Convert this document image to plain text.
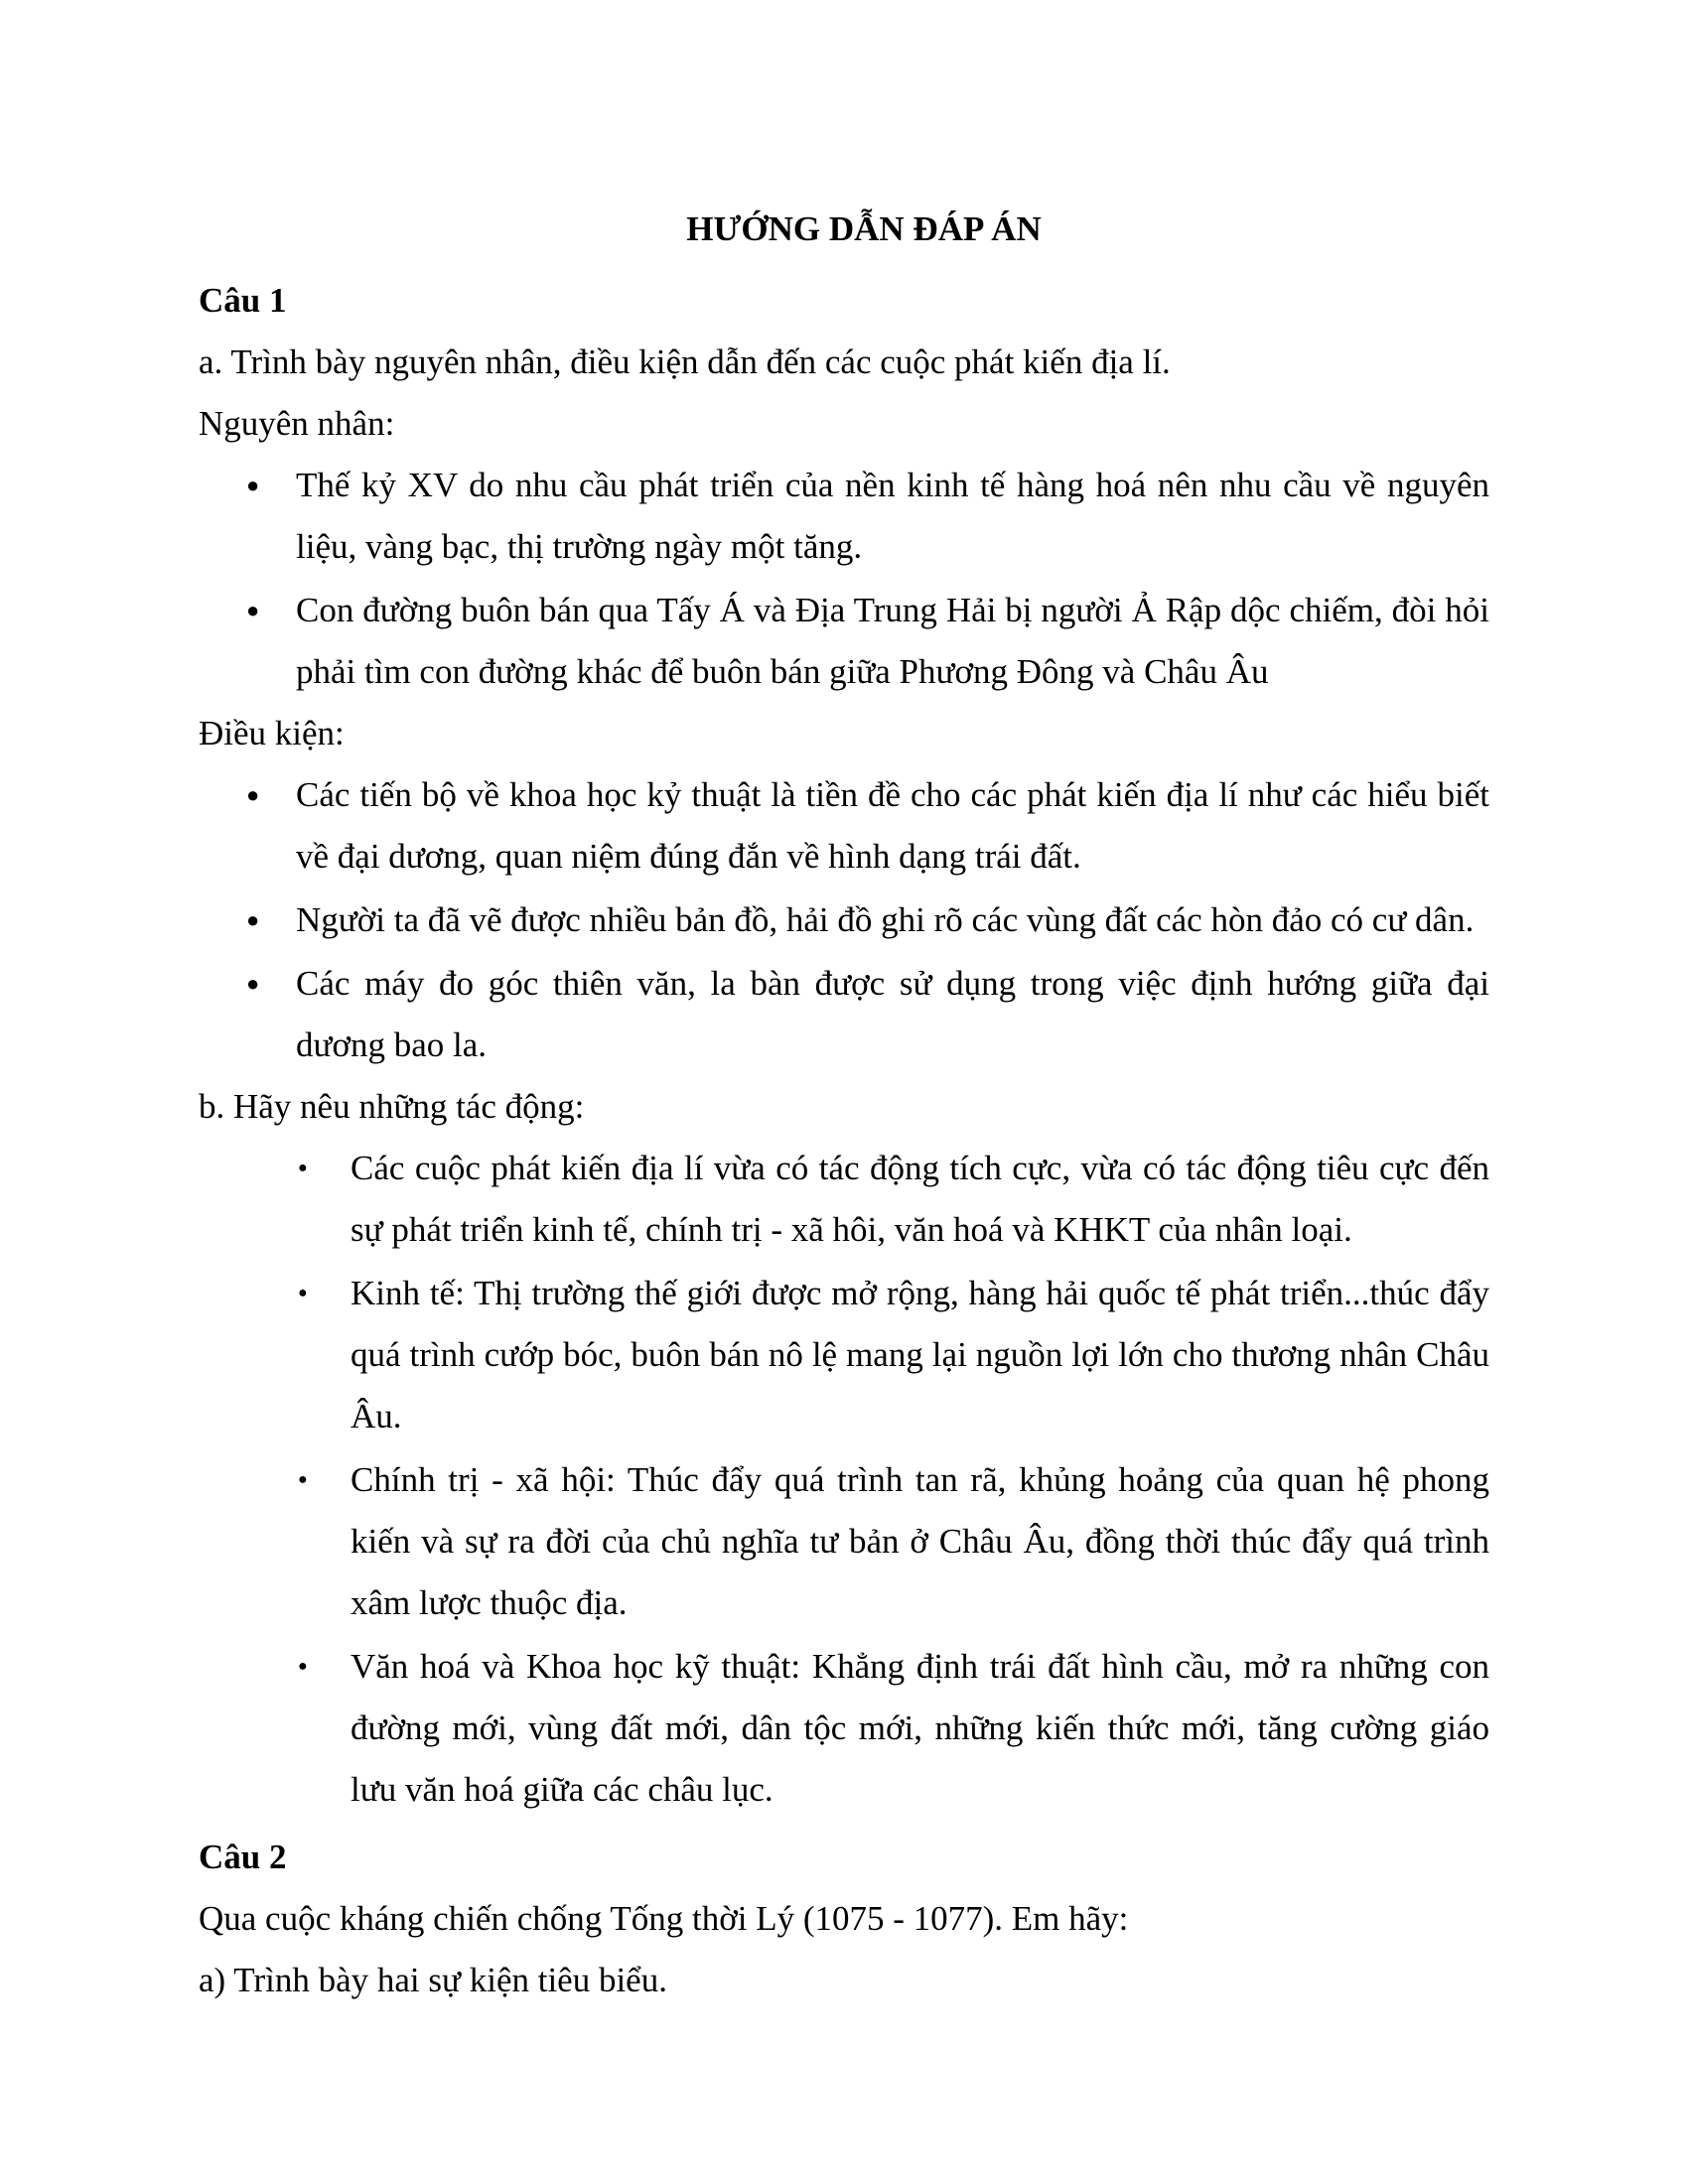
HƯỚNG DẪN ĐÁP ÁN

Câu 1

a. Trình bày nguyên nhân, điều kiện dẫn đến các cuộc phát kiến địa lí.

Nguyên nhân:

● Thế kỷ XV do nhu cầu phát triển của nền kinh tế hàng hoá nên nhu cầu về nguyên liệu, vàng bạc, thị trường ngày một tăng.
● Con đường buôn bán qua Tấy Á và Địa Trung Hải bị người Ả Rập dộc chiếm, đòi hỏi phải tìm con đường khác để buôn bán giữa Phương Đông và Châu Âu

Điều kiện:

● Các tiến bộ về khoa học kỷ thuật là tiền đề cho các phát kiến địa lí như các hiểu biết về đại dương, quan niệm đúng đắn về hình dạng trái đất.
● Người ta đã vẽ được nhiều bản đồ, hải đồ ghi rõ các vùng đất các hòn đảo có cư dân.
● Các máy đo góc thiên văn, la bàn được sử dụng trong việc định hướng giữa đại dương bao la.

b. Hãy nêu những tác động:

● Các cuộc phát kiến địa lí vừa có tác động tích cực, vừa có tác động tiêu cực đến sự phát triển kinh tế, chính trị - xã hôi, văn hoá và KHKT của nhân loại.
● Kinh tế: Thị trường thế giới được mở rộng, hàng hải quốc tế phát triển...thúc đẩy quá trình cướp bóc, buôn bán nô lệ mang lại nguồn lợi lớn cho thương nhân Châu Âu.
● Chính trị - xã hội: Thúc đẩy quá trình tan rã, khủng hoảng của quan hệ phong kiến và sự ra đời của chủ nghĩa tư bản ở Châu Âu, đồng thời thúc đẩy quá trình xâm lược thuộc địa.
● Văn hoá và Khoa học kỹ thuật: Khẳng định trái đất hình cầu, mở ra những con đường mới, vùng đất mới, dân tộc mới, những kiến thức mới, tăng cường giáo lưu văn hoá giữa các châu lục.

Câu 2

Qua cuộc kháng chiến chống Tống thời Lý (1075 - 1077). Em hãy:

a) Trình bày hai sự kiện tiêu biểu.
